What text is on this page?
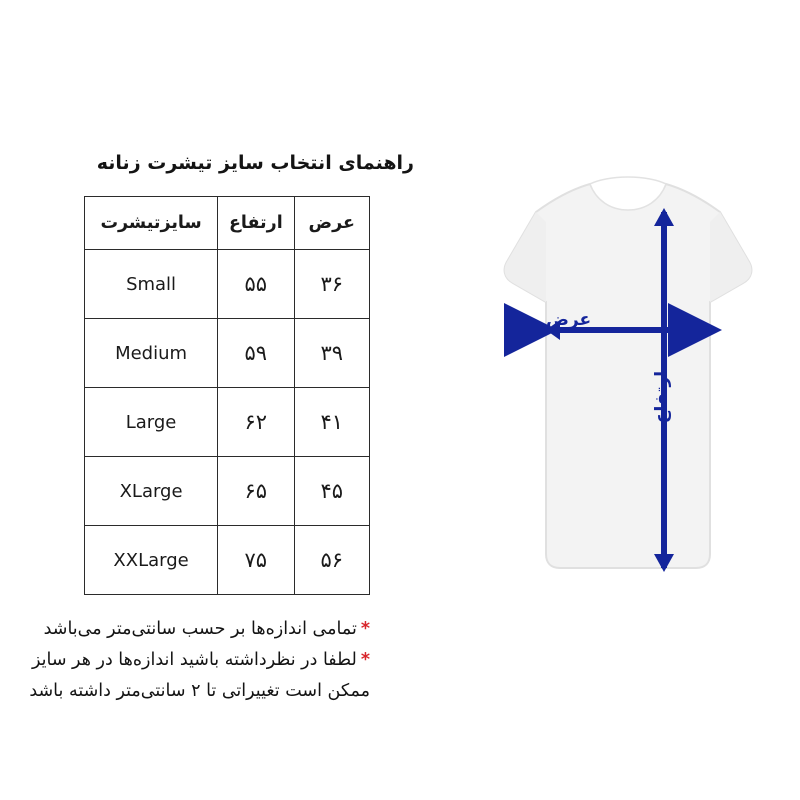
راهنمای انتخاب سایز تیشرت زنانه
عرض	ارتفاع	سایزتیشرت
۳۶	۵۵	Small
۳۹	۵۹	Medium
۴۱	۶۲	Large
۴۵	۶۵	XLarge
۵۶	۷۵	XXLarge
*تمامی اندازه‌ها بر حسب سانتی‌متر می‌باشد
*لطفا در نظرداشته باشید اندازه‌ها در هر سایز
ممکن است تغییراتی تا ۲ سانتی‌متر داشته باشد
عرض
ارتفاع
